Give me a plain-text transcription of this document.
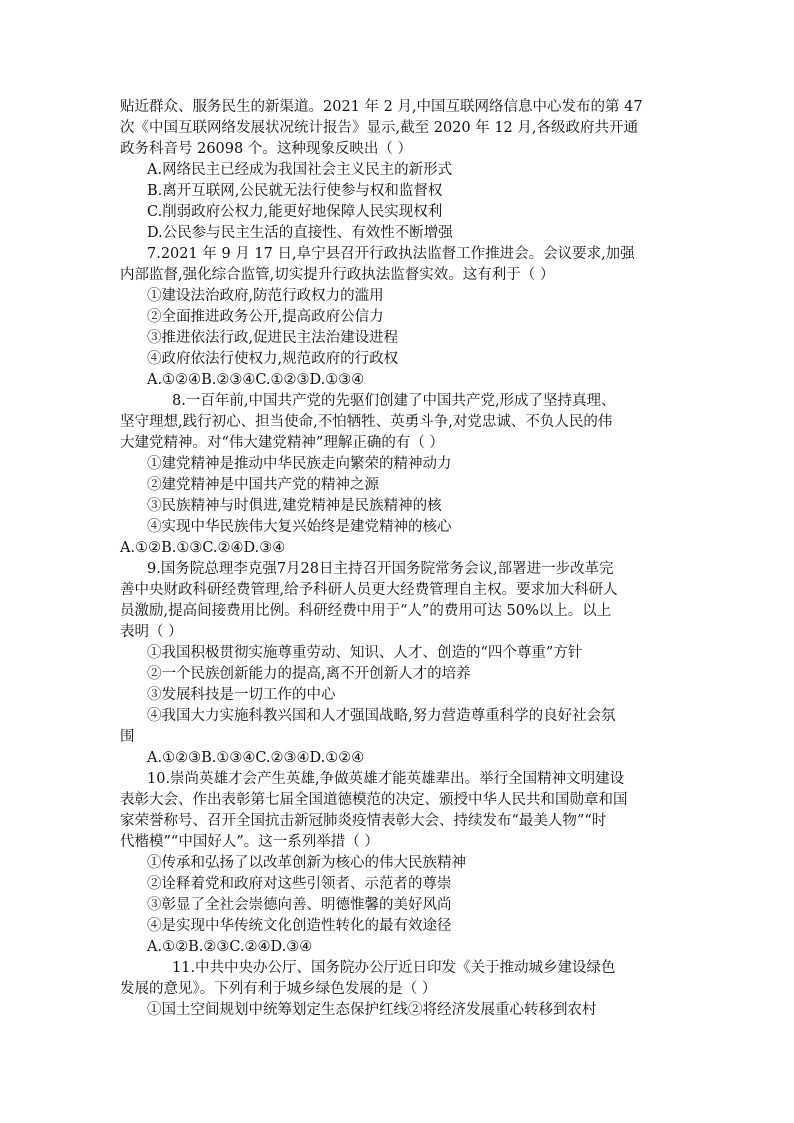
贴近群众、服务民生的新渠道。2021 年 2 月,中国互联网络信息中心发布的第 47
次《中国互联网络发展状况统计报告》显示,截至 2020 年 12 月,各级政府共开通
政务科音号 26098 个。这种现象反映出（ ）
A.网络民主已经成为我国社会主义民主的新形式
B.离开互联网,公民就无法行使参与权和监督权
C.削弱政府公权力,能更好地保障人民实现权利
D.公民参与民主生活的直接性、有效性不断增强
7.2021 年 9 月 17 日,阜宁县召开行政执法监督工作推进会。会议要求,加强
内部监督,强化综合监管,切实提升行政执法监督实效。这有利于（ ）
①建设法治政府,防范行政权力的滥用
②全面推进政务公开,提高政府公信力
③推进依法行政,促进民主法治建设进程
④政府依法行使权力,规范政府的行政权
A.①②④B.②③④C.①②③D.①③④
8.一百年前,中国共产党的先驱们创建了中国共产党,形成了坚持真理、
坚守理想,践行初心、担当使命,不怕牺牲、英勇斗争,对党忠诚、不负人民的伟
大建党精神。对“伟大建党精神”理解正确的有（ ）
①建党精神是推动中华民族走向繁荣的精神动力
②建党精神是中国共产党的精神之源
③民族精神与时俱进,建党精神是民族精神的核
④实现中华民族伟大复兴始终是建党精神的核心
A.①②B.①③C.②④D.③④
9.国务院总理李克强7月28日主持召开国务院常务会议,部署进一步改革完
善中央财政科研经费管理,给予科研人员更大经费管理自主权。要求加大科研人
员激励,提高间接费用比例。科研经费中用于“人”的费用可达 50%以上。以上
表明（ ）
①我国积极贯彻实施尊重劳动、知识、人才、创造的“四个尊重”方针
②一个民族创新能力的提高,离不开创新人才的培养
③发展科技是一切工作的中心
④我国大力实施科教兴国和人才强国战略,努力营造尊重科学的良好社会氛
围
A.①②③B.①③④C.②③④D.①②④
10.崇尚英雄才会产生英雄,争做英雄才能英雄辈出。举行全国精神文明建设
表彰大会、作出表彰第七届全国道德模范的决定、颁授中华人民共和国勋章和国
家荣誉称号、召开全国抗击新冠肺炎疫情表彰大会、持续发布“最美人物”“时
代楷模”“中国好人”。这一系列举措（ ）
①传承和弘扬了以改革创新为核心的伟大民族精神
②诠释着党和政府对这些引领者、示范者的尊崇
③彰显了全社会崇德向善、明德惟馨的美好风尚
④是实现中华传统文化创造性转化的最有效途径
A.①②B.②③C.②④D.③④
11.中共中央办公厅、国务院办公厅近日印发《关于推动城乡建设绿色
发展的意见》。下列有利于城乡绿色发展的是（ ）
①国土空间规划中统筹划定生态保护红线②将经济发展重心转移到农村
